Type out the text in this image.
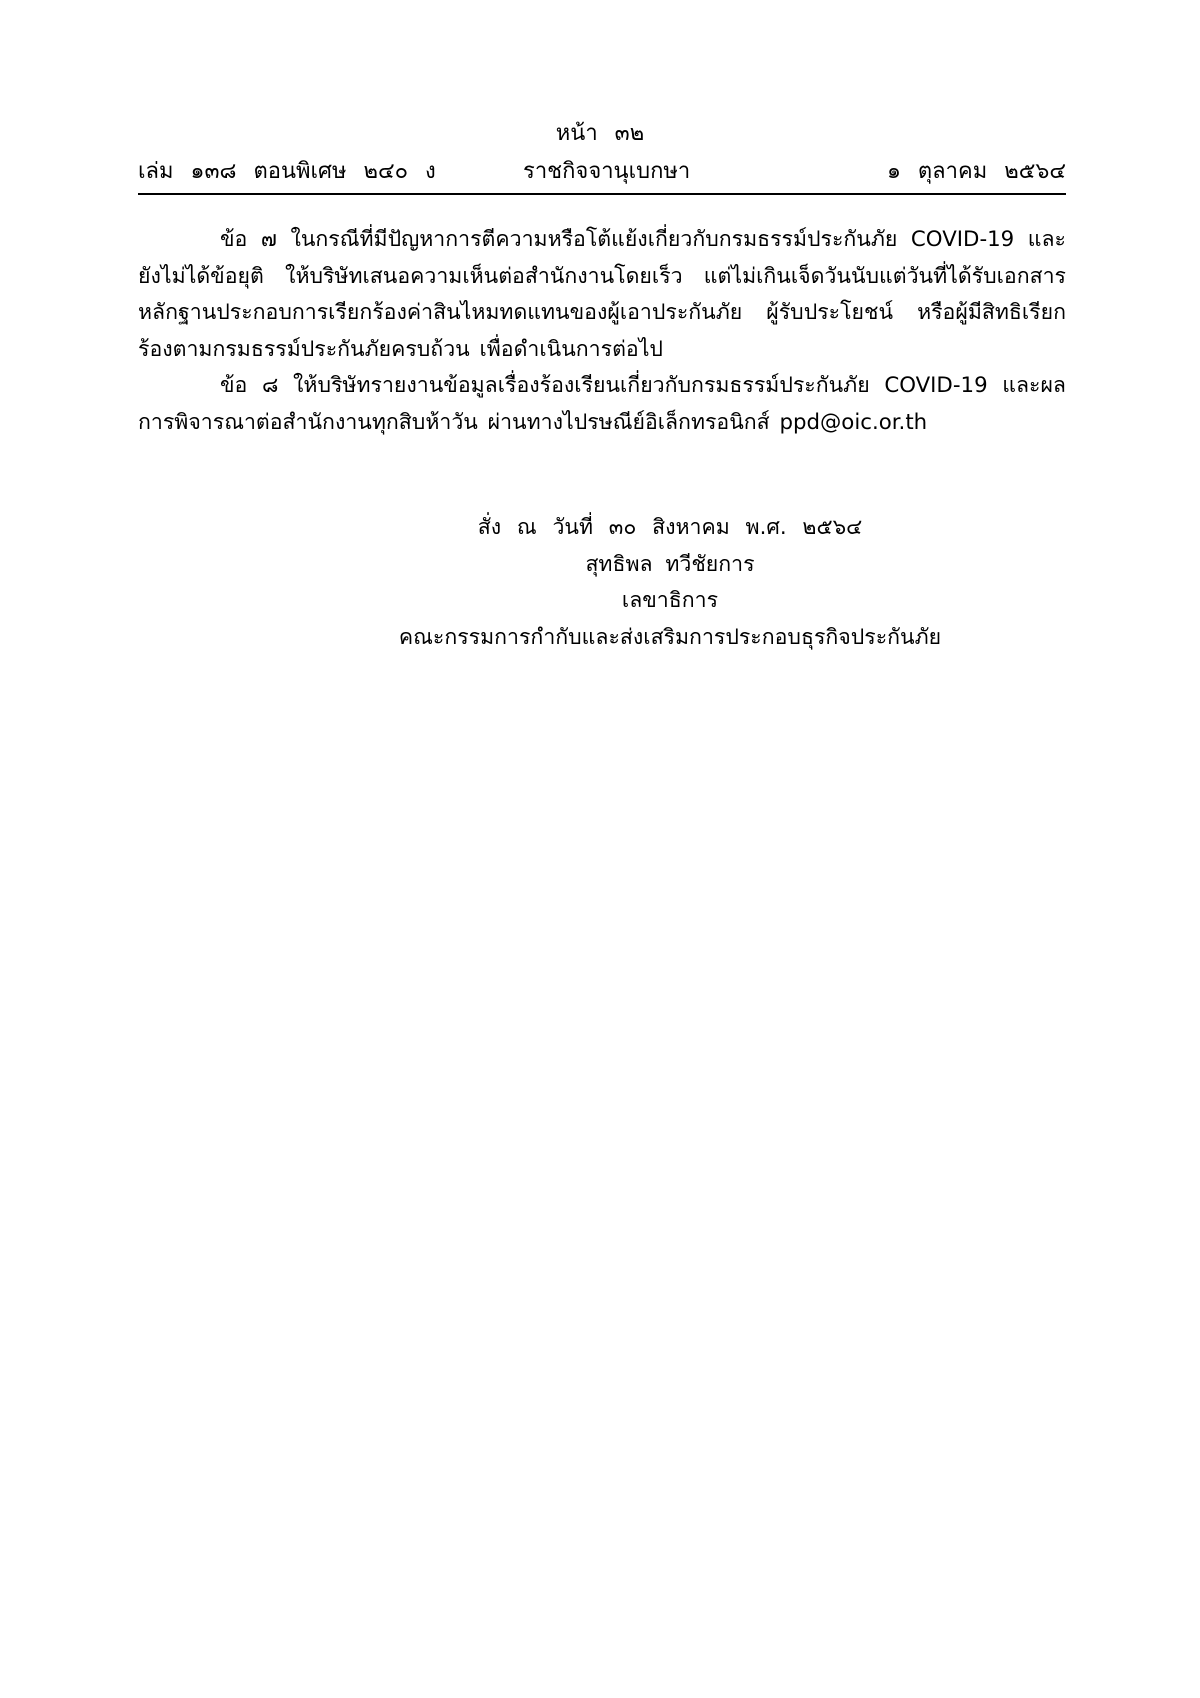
หน้า ๓๒
เล่ม ๑๓๘ ตอนพิเศษ ๒๔๐ ง	ราชกิจจานุเบกษา	๑ ตุลาคม ๒๕๖๔

ข้อ ๗ ในกรณีที่มีปัญหาการตีความหรือโต้แย้งเกี่ยวกับกรมธรรม์ประกันภัย COVID-19 และยังไม่ได้ข้อยุติ ให้บริษัทเสนอความเห็นต่อสำนักงานโดยเร็ว แต่ไม่เกินเจ็ดวันนับแต่วันที่ได้รับเอกสารหลักฐานประกอบการเรียกร้องค่าสินไหมทดแทนของผู้เอาประกันภัย ผู้รับประโยชน์ หรือผู้มีสิทธิเรียกร้องตามกรมธรรม์ประกันภัยครบถ้วน เพื่อดำเนินการต่อไป

ข้อ ๘ ให้บริษัทรายงานข้อมูลเรื่องร้องเรียนเกี่ยวกับกรมธรรม์ประกันภัย COVID-19 และผลการพิจารณาต่อสำนักงานทุกสิบห้าวัน ผ่านทางไปรษณีย์อิเล็กทรอนิกส์ ppd@oic.or.th

สั่ง ณ วันที่ ๓๐ สิงหาคม พ.ศ. ๒๕๖๔
สุทธิพล ทวีชัยการ
เลขาธิการ
คณะกรรมการกำกับและส่งเสริมการประกอบธุรกิจประกันภัย
